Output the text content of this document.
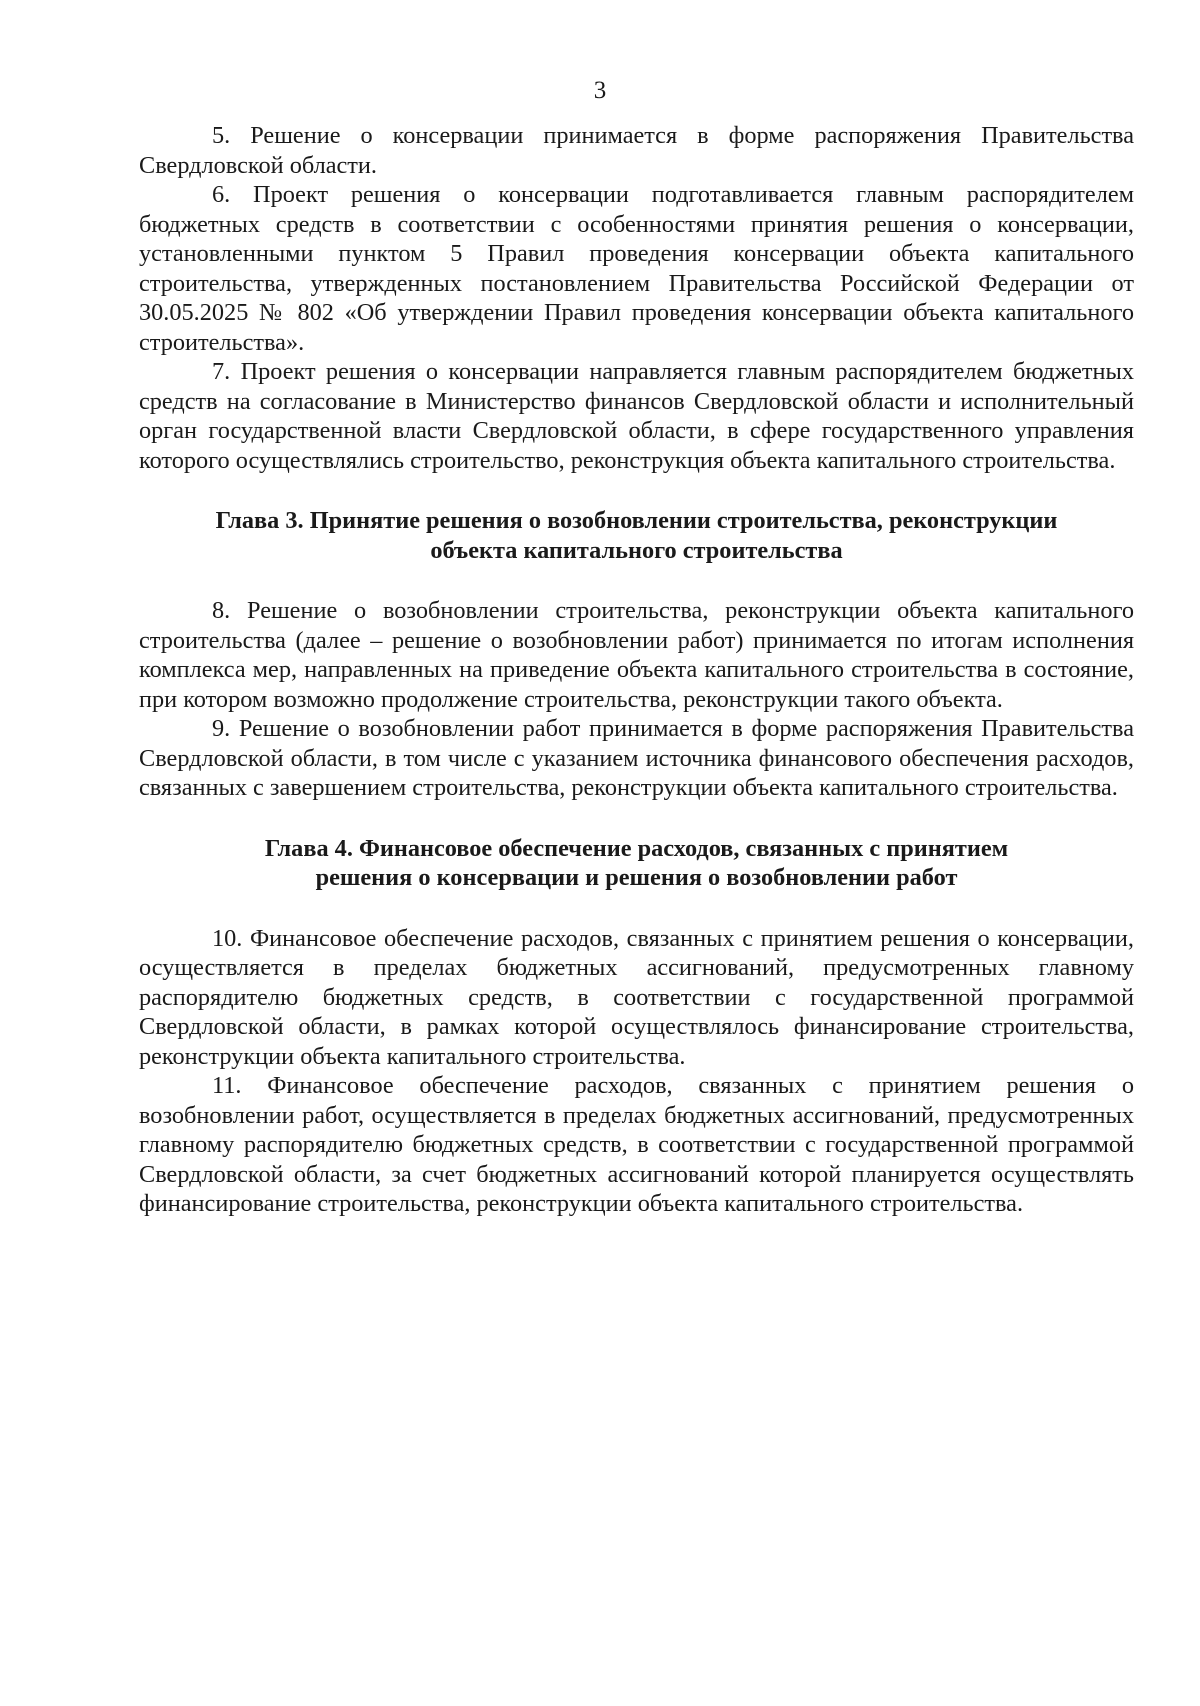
3

5. Решение о консервации принимается в форме распоряжения Правительства Свердловской области.

6. Проект решения о консервации подготавливается главным распорядителем бюджетных средств в соответствии с особенностями принятия решения о консервации, установленными пунктом 5 Правил проведения консервации объекта капитального строительства, утвержденных постановлением Правительства Российской Федерации от 30.05.2025 № 802 «Об утверждении Правил проведения консервации объекта капитального строительства».

7. Проект решения о консервации направляется главным распорядителем бюджетных средств на согласование в Министерство финансов Свердловской области и исполнительный орган государственной власти Свердловской области, в сфере государственного управления которого осуществлялись строительство, реконструкция объекта капитального строительства.

Глава 3. Принятие решения о возобновлении строительства, реконструкции
объекта капитального строительства

8. Решение о возобновлении строительства, реконструкции объекта капитального строительства (далее – решение о возобновлении работ) принимается по итогам исполнения комплекса мер, направленных на приведение объекта капитального строительства в состояние, при котором возможно продолжение строительства, реконструкции такого объекта.

9. Решение о возобновлении работ принимается в форме распоряжения Правительства Свердловской области, в том числе с указанием источника финансового обеспечения расходов, связанных с завершением строительства, реконструкции объекта капитального строительства.

Глава 4. Финансовое обеспечение расходов, связанных с принятием
решения о консервации и решения о возобновлении работ

10. Финансовое обеспечение расходов, связанных с принятием решения о консервации, осуществляется в пределах бюджетных ассигнований, предусмотренных главному распорядителю бюджетных средств, в соответствии с государственной программой Свердловской области, в рамках которой осуществлялось финансирование строительства, реконструкции объекта капитального строительства.

11. Финансовое обеспечение расходов, связанных с принятием решения о возобновлении работ, осуществляется в пределах бюджетных ассигнований, предусмотренных главному распорядителю бюджетных средств, в соответствии с государственной программой Свердловской области, за счет бюджетных ассигнований которой планируется осуществлять финансирование строительства, реконструкции объекта капитального строительства.
